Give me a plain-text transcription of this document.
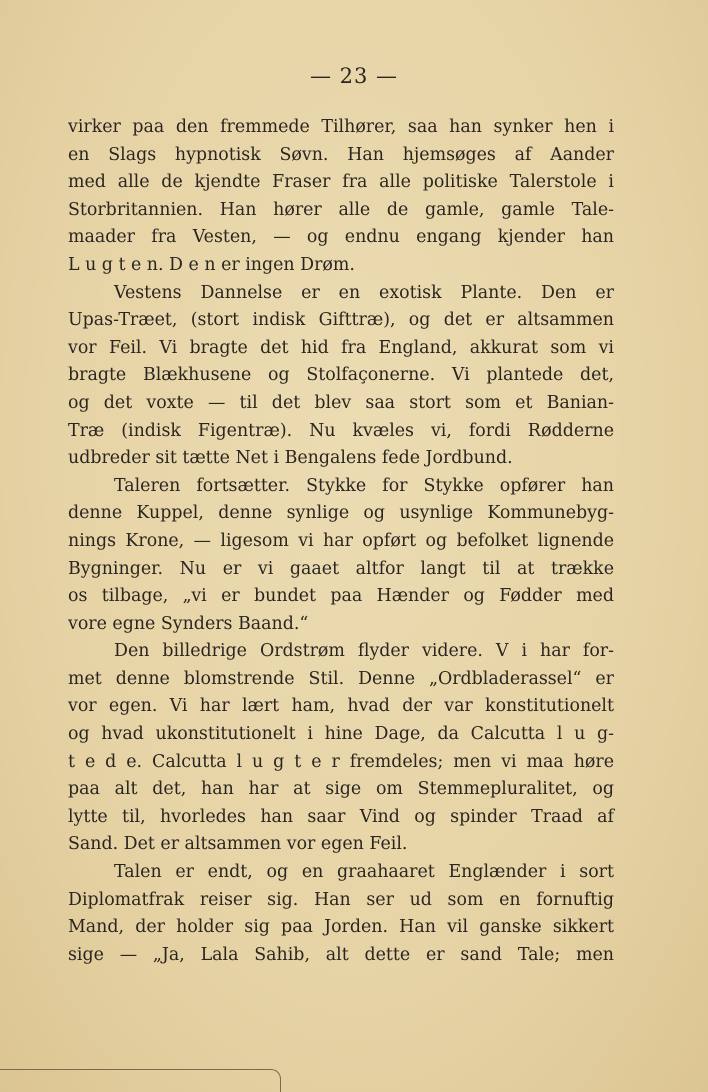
— 23 —
virker paa den fremmede Tilhører, saa han synker hen i
en Slags hypnotisk Søvn. Han hjemsøges af Aander
med alle de kjendte Fraser fra alle politiske Talerstole i
Storbritannien. Han hører alle de gamle, gamle Tale-
maader fra Vesten, — og endnu engang kjender han
L u g t e n. D e n er ingen Drøm.
Vestens Dannelse er en exotisk Plante. Den er
Upas-Træet, (stort indisk Gifttræ), og det er altsammen
vor Feil. Vi bragte det hid fra England, akkurat som vi
bragte Blækhusene og Stolfaçonerne. Vi plantede det,
og det voxte — til det blev saa stort som et Banian-
Træ (indisk Figentræ). Nu kvæles vi, fordi Rødderne
udbreder sit tætte Net i Bengalens fede Jordbund.
Taleren fortsætter. Stykke for Stykke opfører han
denne Kuppel, denne synlige og usynlige Kommunebyg-
nings Krone, — ligesom vi har opført og befolket lignende
Bygninger. Nu er vi gaaet altfor langt til at trække
os tilbage, „vi er bundet paa Hænder og Fødder med
vore egne Synders Baand.“
Den billedrige Ordstrøm flyder videre. V i har for-
met denne blomstrende Stil. Denne „Ordbladerassel“ er
vor egen. Vi har lært ham, hvad der var konstitutionelt
og hvad ukonstitutionelt i hine Dage, da Calcutta l u g-
t e d e. Calcutta l u g t e r fremdeles; men vi maa høre
paa alt det, han har at sige om Stemmepluralitet, og
lytte til, hvorledes han saar Vind og spinder Traad af
Sand. Det er altsammen vor egen Feil.
Talen er endt, og en graahaaret Englænder i sort
Diplomatfrak reiser sig. Han ser ud som en fornuftig
Mand, der holder sig paa Jorden. Han vil ganske sikkert
sige — „Ja, Lala Sahib, alt dette er sand Tale; men
